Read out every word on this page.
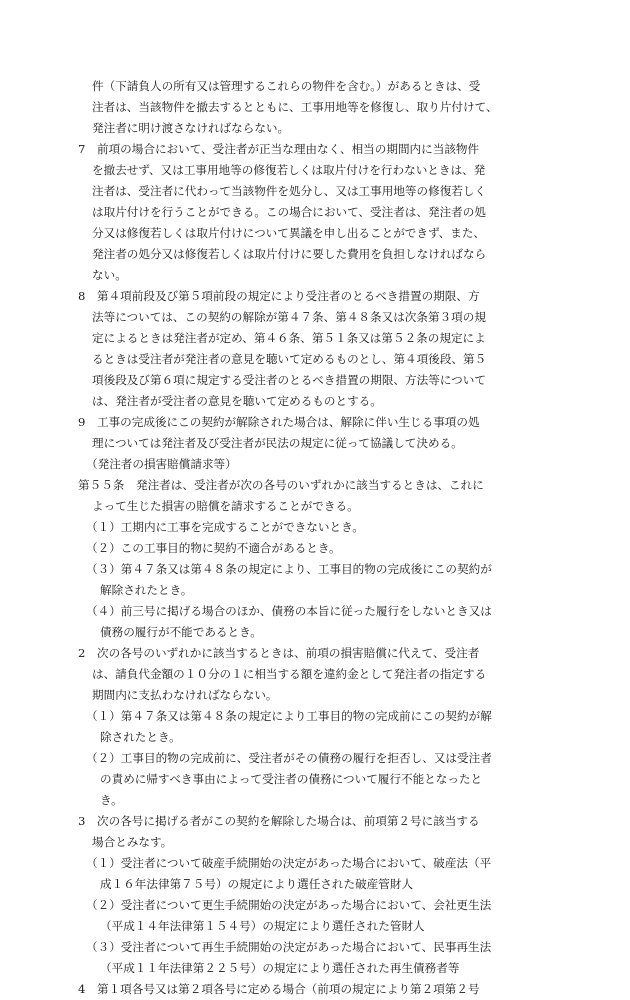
件（下請負人の所有又は管理するこれらの物件を含む。）があるときは、受
注者は、当該物件を撤去するとともに、工事用地等を修復し、取り片付けて、
発注者に明け渡さなければならない。
7　前項の場合において、受注者が正当な理由なく、相当の期間内に当該物件
を撤去せず、又は工事用地等の修復若しくは取片付けを行わないときは、発
注者は、受注者に代わって当該物件を処分し、又は工事用地等の修復若しく
は取片付けを行うことができる。この場合において、受注者は、発注者の処
分又は修復若しくは取片付けについて異議を申し出ることができず、また、
発注者の処分又は修復若しくは取片付けに要した費用を負担しなければなら
ない。
8　第４項前段及び第５項前段の規定により受注者のとるべき措置の期限、方
法等については、この契約の解除が第４７条、第４８条又は次条第３項の規
定によるときは発注者が定め、第４６条、第５１条又は第５２条の規定によ
るときは受注者が発注者の意見を聴いて定めるものとし、第４項後段、第５
項後段及び第６項に規定する受注者のとるべき措置の期限、方法等について
は、発注者が受注者の意見を聴いて定めるものとする。
9　工事の完成後にこの契約が解除された場合は、解除に伴い生じる事項の処
理については発注者及び受注者が民法の規定に従って協議して決める。
（発注者の損害賠償請求等）
第５５条　発注者は、受注者が次の各号のいずれかに該当するときは、これに
よって生じた損害の賠償を請求することができる。
（１）工期内に工事を完成することができないとき。
（２）この工事目的物に契約不適合があるとき。
（３）第４７条又は第４８条の規定により、工事目的物の完成後にこの契約が
解除されたとき。
（４）前三号に掲げる場合のほか、債務の本旨に従った履行をしないとき又は
債務の履行が不能であるとき。
2　次の各号のいずれかに該当するときは、前項の損害賠償に代えて、受注者
は、請負代金額の１０分の１に相当する額を違約金として発注者の指定する
期間内に支払わなければならない。
（１）第４７条又は第４８条の規定により工事目的物の完成前にこの契約が解
除されたとき。
（２）工事目的物の完成前に、受注者がその債務の履行を拒否し、又は受注者
の責めに帰すべき事由によって受注者の債務について履行不能となったと
き。
3　次の各号に掲げる者がこの契約を解除した場合は、前項第２号に該当する
場合とみなす。
（１）受注者について破産手続開始の決定があった場合において、破産法（平
成１６年法律第７５号）の規定により選任された破産管財人
（２）受注者について更生手続開始の決定があった場合において、会社更生法
（平成１４年法律第１５４号）の規定により選任された管財人
（３）受注者について再生手続開始の決定があった場合において、民事再生法
（平成１１年法律第２２５号）の規定により選任された再生債務者等
4　第１項各号又は第２項各号に定める場合（前項の規定により第２項第２号
